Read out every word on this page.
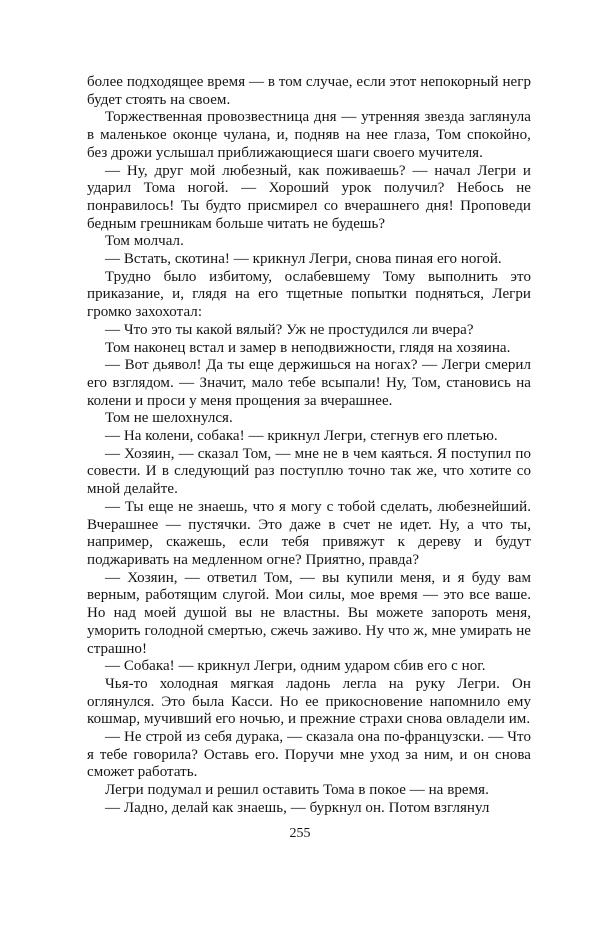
более подходящее время — в том случае, если этот непокорный негр будет стоять на своем.

Торжественная провозвестница дня — утренняя звезда заглянула в маленькое оконце чулана, и, подняв на нее глаза, Том спокойно, без дрожи услышал приближающиеся шаги своего мучителя.

— Ну, друг мой любезный, как поживаешь? — начал Легри и ударил Тома ногой. — Хороший урок получил? Небось не понравилось! Ты будто присмирел со вчерашнего дня! Проповеди бедным грешникам больше читать не будешь?

Том молчал.

— Встать, скотина! — крикнул Легри, снова пиная его ногой.

Трудно было избитому, ослабевшему Тому выполнить это приказание, и, глядя на его тщетные попытки подняться, Легри громко захохотал:

— Что это ты какой вялый? Уж не простудился ли вчера?

Том наконец встал и замер в неподвижности, глядя на хозяина.

— Вот дьявол! Да ты еще держишься на ногах? — Легри смерил его взглядом. — Значит, мало тебе всыпали! Ну, Том, становись на колени и проси у меня прощения за вчерашнее.

Том не шелохнулся.

— На колени, собака! — крикнул Легри, стегнув его плетью.

— Хозяин, — сказал Том, — мне не в чем каяться. Я поступил по совести. И в следующий раз поступлю точно так же, что хотите со мной делайте.

— Ты еще не знаешь, что я могу с тобой сделать, любезнейший. Вчерашнее — пустячки. Это даже в счет не идет. Ну, а что ты, например, скажешь, если тебя привяжут к дереву и будут поджаривать на медленном огне? Приятно, правда?

— Хозяин, — ответил Том, — вы купили меня, и я буду вам верным, работящим слугой. Мои силы, мое время — это все ваше. Но над моей душой вы не властны. Вы можете запороть меня, уморить голодной смертью, сжечь заживо. Ну что ж, мне умирать не страшно!

— Собака! — крикнул Легри, одним ударом сбив его с ног.

Чья-то холодная мягкая ладонь легла на руку Легри. Он оглянулся. Это была Касси. Но ее прикосновение напомнило ему кошмар, мучивший его ночью, и прежние страхи снова овладели им.

— Не строй из себя дурака, — сказала она по-французски. — Что я тебе говорила? Оставь его. Поручи мне уход за ним, и он снова сможет работать.

Легри подумал и решил оставить Тома в покое — на время.

— Ладно, делай как знаешь, — буркнул он. Потом взглянул

255
